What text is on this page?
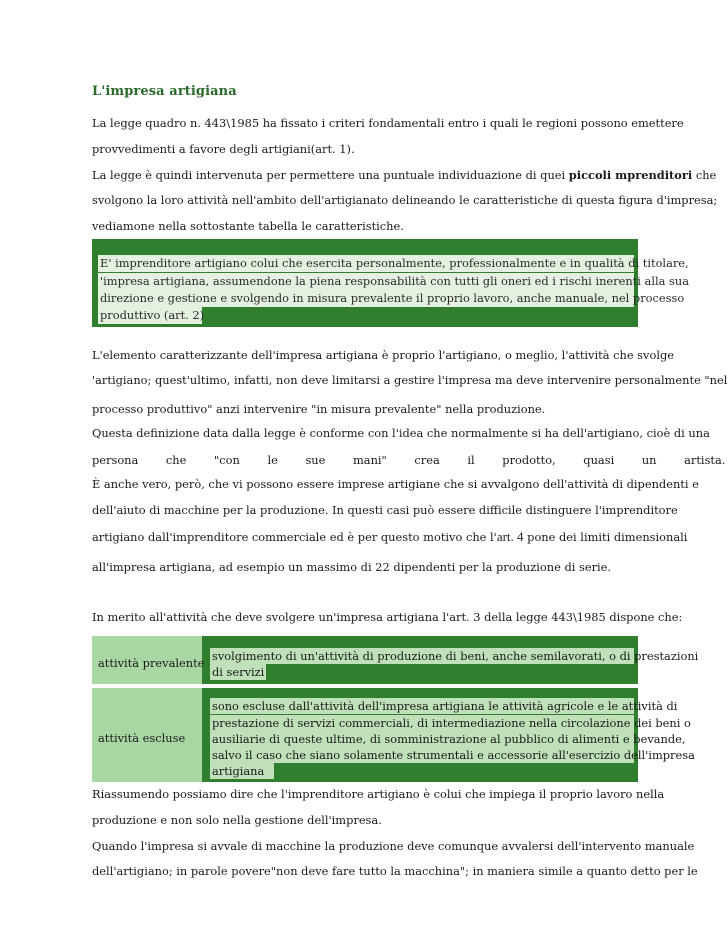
L'impresa artigiana
La legge quadro n. 443\1985 ha fissato i criteri fondamentali entro i quali le regioni possono emettere
provvedimenti a favore degli artigiani(art. 1).
La legge è quindi intervenuta per permettere una puntuale individuazione di quei piccoli mprenditori che
svolgono la loro attività nell'ambito dell'artigianato delineando le caratteristiche di questa figura d'impresa;
vediamone nella sottostante tabella le caratteristiche.
E' imprenditore artigiano colui che esercita personalmente, professionalmente e in qualità di titolare,
'impresa artigiana, assumendone la piena responsabilità con tutti gli oneri ed i rischi inerenti alla sua
direzione e gestione e svolgendo in misura prevalente il proprio lavoro, anche manuale, nel processo
produttivo (art. 2)
L'elemento caratterizzante dell'impresa artigiana è proprio l'artigiano, o meglio, l'attività che svolge
'artigiano; quest'ultimo, infatti, non deve limitarsi a gestire l'impresa ma deve intervenire personalmente "nel
processo produttivo" anzi intervenire "in misura prevalente" nella produzione.
Questa definizione data dalla legge è conforme con l'idea che normalmente si ha dell'artigiano, cioè di una
persona che "con le sue mani" crea il prodotto, quasi un artista.
È anche vero, però, che vi possono essere imprese artigiane che si avvalgono dell'attività di dipendenti e
dell'aiuto di macchine per la produzione. In questi casi può essere difficile distinguere l'imprenditore
artigiano dall'imprenditore commerciale ed è per questo motivo che l'art. 4 pone dei limiti dimensionali
all'impresa artigiana, ad esempio un massimo di 22 dipendenti per la produzione di serie.
In merito all'attività che deve svolgere un'impresa artigiana l'art. 3 della legge 443\1985 dispone che:
attività prevalente svolgimento di un'attività di produzione di beni, anche semilavorati, o di prestazioni
di servizi
attività escluse
sono escluse dall'attività dell'impresa artigiana le attività agricole e le attività di
prestazione di servizi commerciali, di intermediazione nella circolazione dei beni o
ausiliarie di queste ultime, di somministrazione al pubblico di alimenti e bevande,
salvo il caso che siano solamente strumentali e accessorie all'esercizio dell'impresa
artigiana
Riassumendo possiamo dire che l'imprenditore artigiano è colui che impiega il proprio lavoro nella
produzione e non solo nella gestione dell'impresa.
Quando l'impresa si avvale di macchine la produzione deve comunque avvalersi dell'intervento manuale
dell'artigiano; in parole povere"non deve fare tutto la macchina"; in maniera simile a quanto detto per le
